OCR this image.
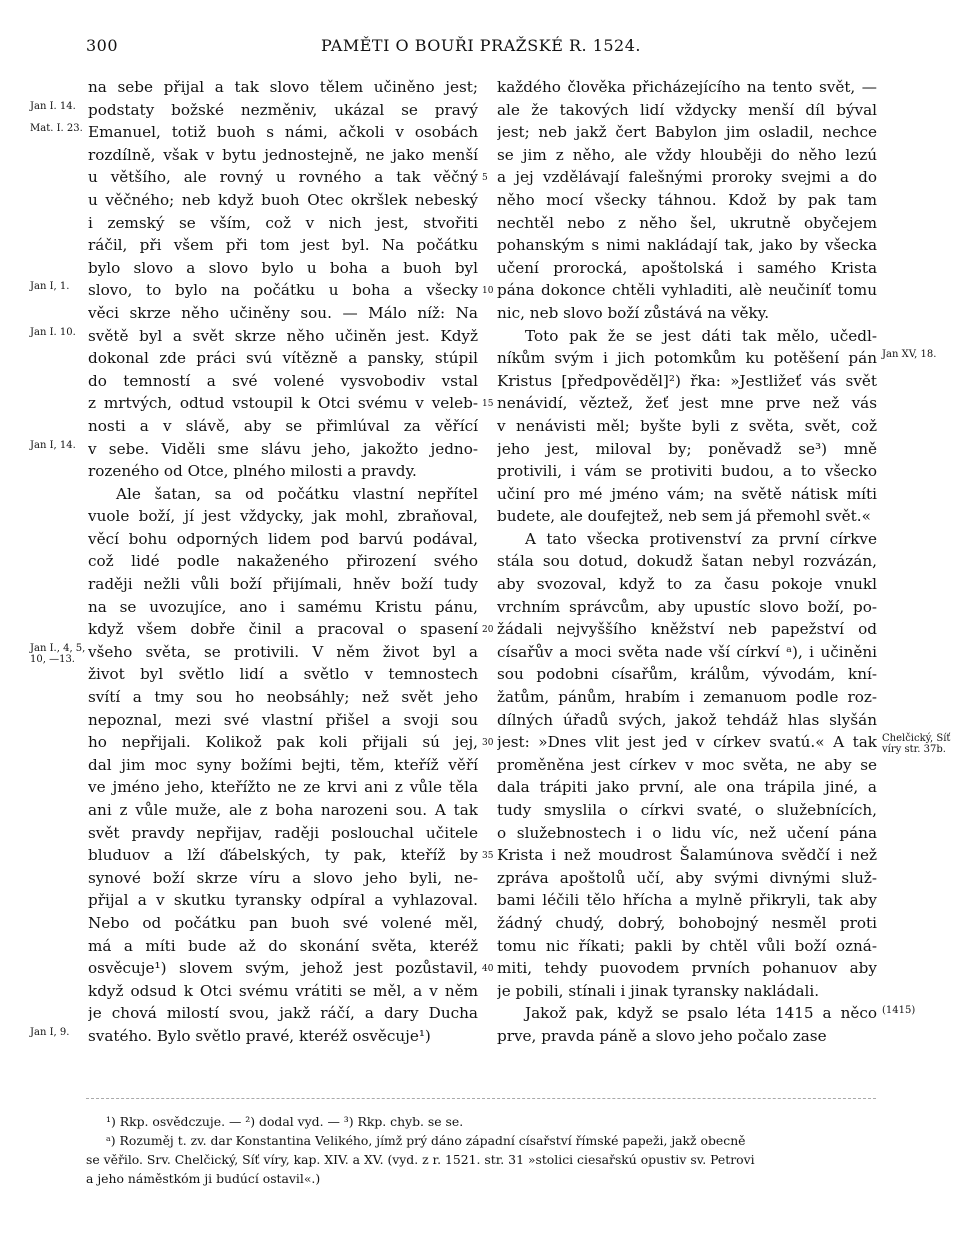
300	PAMĚTI O BOUŘI PRAŽSKÉ R. 1524.
na sebe přijal a tak slovo tělem učiněno jest;
podstaty božské nezměniv, ukázal se pravý
Emanuel, totiž buoh s námi, ačkoli v osobách
rozdílně, však v bytu jednostejně, ne jako menší
u většího, ale rovný u rovného a tak věčný
u věčného; neb když buoh Otec okršlek nebeský
i zemský se vším, což v nich jest, stvořiti
ráčil, při všem při tom jest byl. Na počátku
bylo slovo a slovo bylo u boha a buoh byl
slovo, to bylo na počátku u boha a všecky
věci skrze něho učiněny sou. — Málo níž: Na
světě byl a svět skrze něho učiněn jest. Když
dokonal zde práci svú vítězně a pansky, stúpil
do temností a své volené vysvobodiv vstal
z mrtvých, odtud vstoupil k Otci svému v veleb-
nosti a v slávě, aby se přimlúval za věřící
v sebe. Viděli sme slávu jeho, jakožto jedno-
rozeného od Otce, plného milosti a pravdy.
Ale šatan, sa od počátku vlastní nepřítel
vuole boží, jí jest vždycky, jak mohl, zbraňoval,
věcí bohu odporných lidem pod barvú podával,
což lidé podle nakaženého přirození svého
raději nežli vůli boží přijímali, hněv boží tudy
na se uvozujíce, ano i samému Kristu pánu,
když všem dobře činil a pracoval o spasení
všeho světa, se protivili. V něm život byl a
život byl světlo lidí a světlo v temnostech
svítí a tmy sou ho neobsáhly; než svět jeho
nepoznal, mezi své vlastní přišel a svoji sou
ho nepřijali. Kolikož pak koli přijali sú jej,
dal jim moc syny božími bejti, těm, kteříž věří
ve jméno jeho, kteřížto ne ze krvi ani z vůle těla
ani z vůle muže, ale z boha narozeni sou. A tak
svět pravdy nepřijav, raději poslouchal učitele
bluduov a lží ďábelských, ty pak, kteříž by
synové boží skrze víru a slovo jeho byli, ne-
přijal a v skutku tyransky odpíral a vyhlazoval.
Nebo od počátku pan buoh své volené měl,
má a míti bude až do skonání světa, kteréž
osvěcuje¹) slovem svým, jehož jest pozůstavil,
když odsud k Otci svému vrátiti se měl, a v něm
je chová milostí svou, jakž ráčí, a dary Ducha
svatého. Bylo světlo pravé, kteréž osvěcuje¹)
každého člověka přicházejícího na tento svět, —
ale že takových lidí vždycky menší díl býval
jest; neb jakž čert Babylon jim osladil, nechce
se jim z něho, ale vždy hlouběji do něho lezú
a jej vzdělávají falešnými proroky svejmi a do
něho mocí všecky táhnou. Kdož by pak tam
nechtěl nebo z něho šel, ukrutně obyčejem
pohanským s nimi nakládají tak, jako by všecka
učení prorocká, apoštolská i samého Krista
pána dokonce chtěli vyhladiti, alè neučiníť tomu
nic, neb slovo boží zůstává na věky.
Toto pak že se jest dáti tak mělo, učedl-
níkům svým i jich potomkům ku potěšení pán
Kristus [předpověděl]²) řka: »Jestližeť vás svět
nenávidí, věztež, žeť jest mne prve než vás
v nenávisti měl; byšte byli z světa, svět, což
jeho jest, miloval by; poněvadž se³) mně
protivili, i vám se protiviti budou, a to všecko
učiní pro mé jméno vám; na světě nátisk míti
budete, ale doufejtež, neb sem já přemohl svět.«
A tato všecka protivenství za první církve
stála sou dotud, dokudž šatan nebyl rozvázán,
aby svozoval, když to za času pokoje vnukl
vrchním správcům, aby upustíc slovo boží, po-
žádali nejvyššího kněžství neb papežství od
císařův a moci světa nade vší církví ᵃ), i učiněni
sou podobni císařům, králům, vývodám, kní-
žatům, pánům, hrabím i zemanuom podle roz-
dílných úřadů svých, jakož tehdáž hlas slyšán
jest: »Dnes vlit jest jed v církev svatú.« A tak
proměněna jest církev v moc světa, ne aby se
dala trápiti jako první, ale ona trápila jiné, a
tudy smyslila o církvi svaté, o služebnících,
o služebnostech i o lidu víc, než učení pána
Krista i než moudrost Šalamúnova svědčí i než
zpráva apoštolů učí, aby svými divnými služ-
bami léčili tělo hříchа a mylně přikryli, tak aby
žádný chudý, dobrý, bohobojný nesměl proti
tomu nic říkati; pakli by chtěl vůli boží ozná-
miti, tehdy puovodem prvních pohanuov aby
je pobili, stínali i jinak tyransky nakládali.
Jakož pak, když se psalo léta 1415 a něco
prve, pravda páně a slovo jeho počalo zase
Jan I. 14.
Mat. I. 23.
Jan I, 1.
Jan I. 10.
Jan I, 14.
Jan I., 4, 5, 10, —13.
Jan I, 9.
Jan XV, 18.
Chelčický, Síť víry str. 37b.
(1415)
5
10
15
20
30
35
40
¹) Rkp. osvědczuje. — ²) dodal vyd. — ³) Rkp. chyb. se se.
ᵃ) Rozuměj t. zv. dar Konstantina Velikého, jímž prý dáno západní císařství římské papeži, jakž obecně
se věřilo. Srv. Chelčický, Síť víry, kap. XIV. a XV. (vyd. z r. 1521. str. 31 »stolici ciesařskú opustiv sv. Petrovi
a jeho náměstkóm ji budúcí ostavil«.)
